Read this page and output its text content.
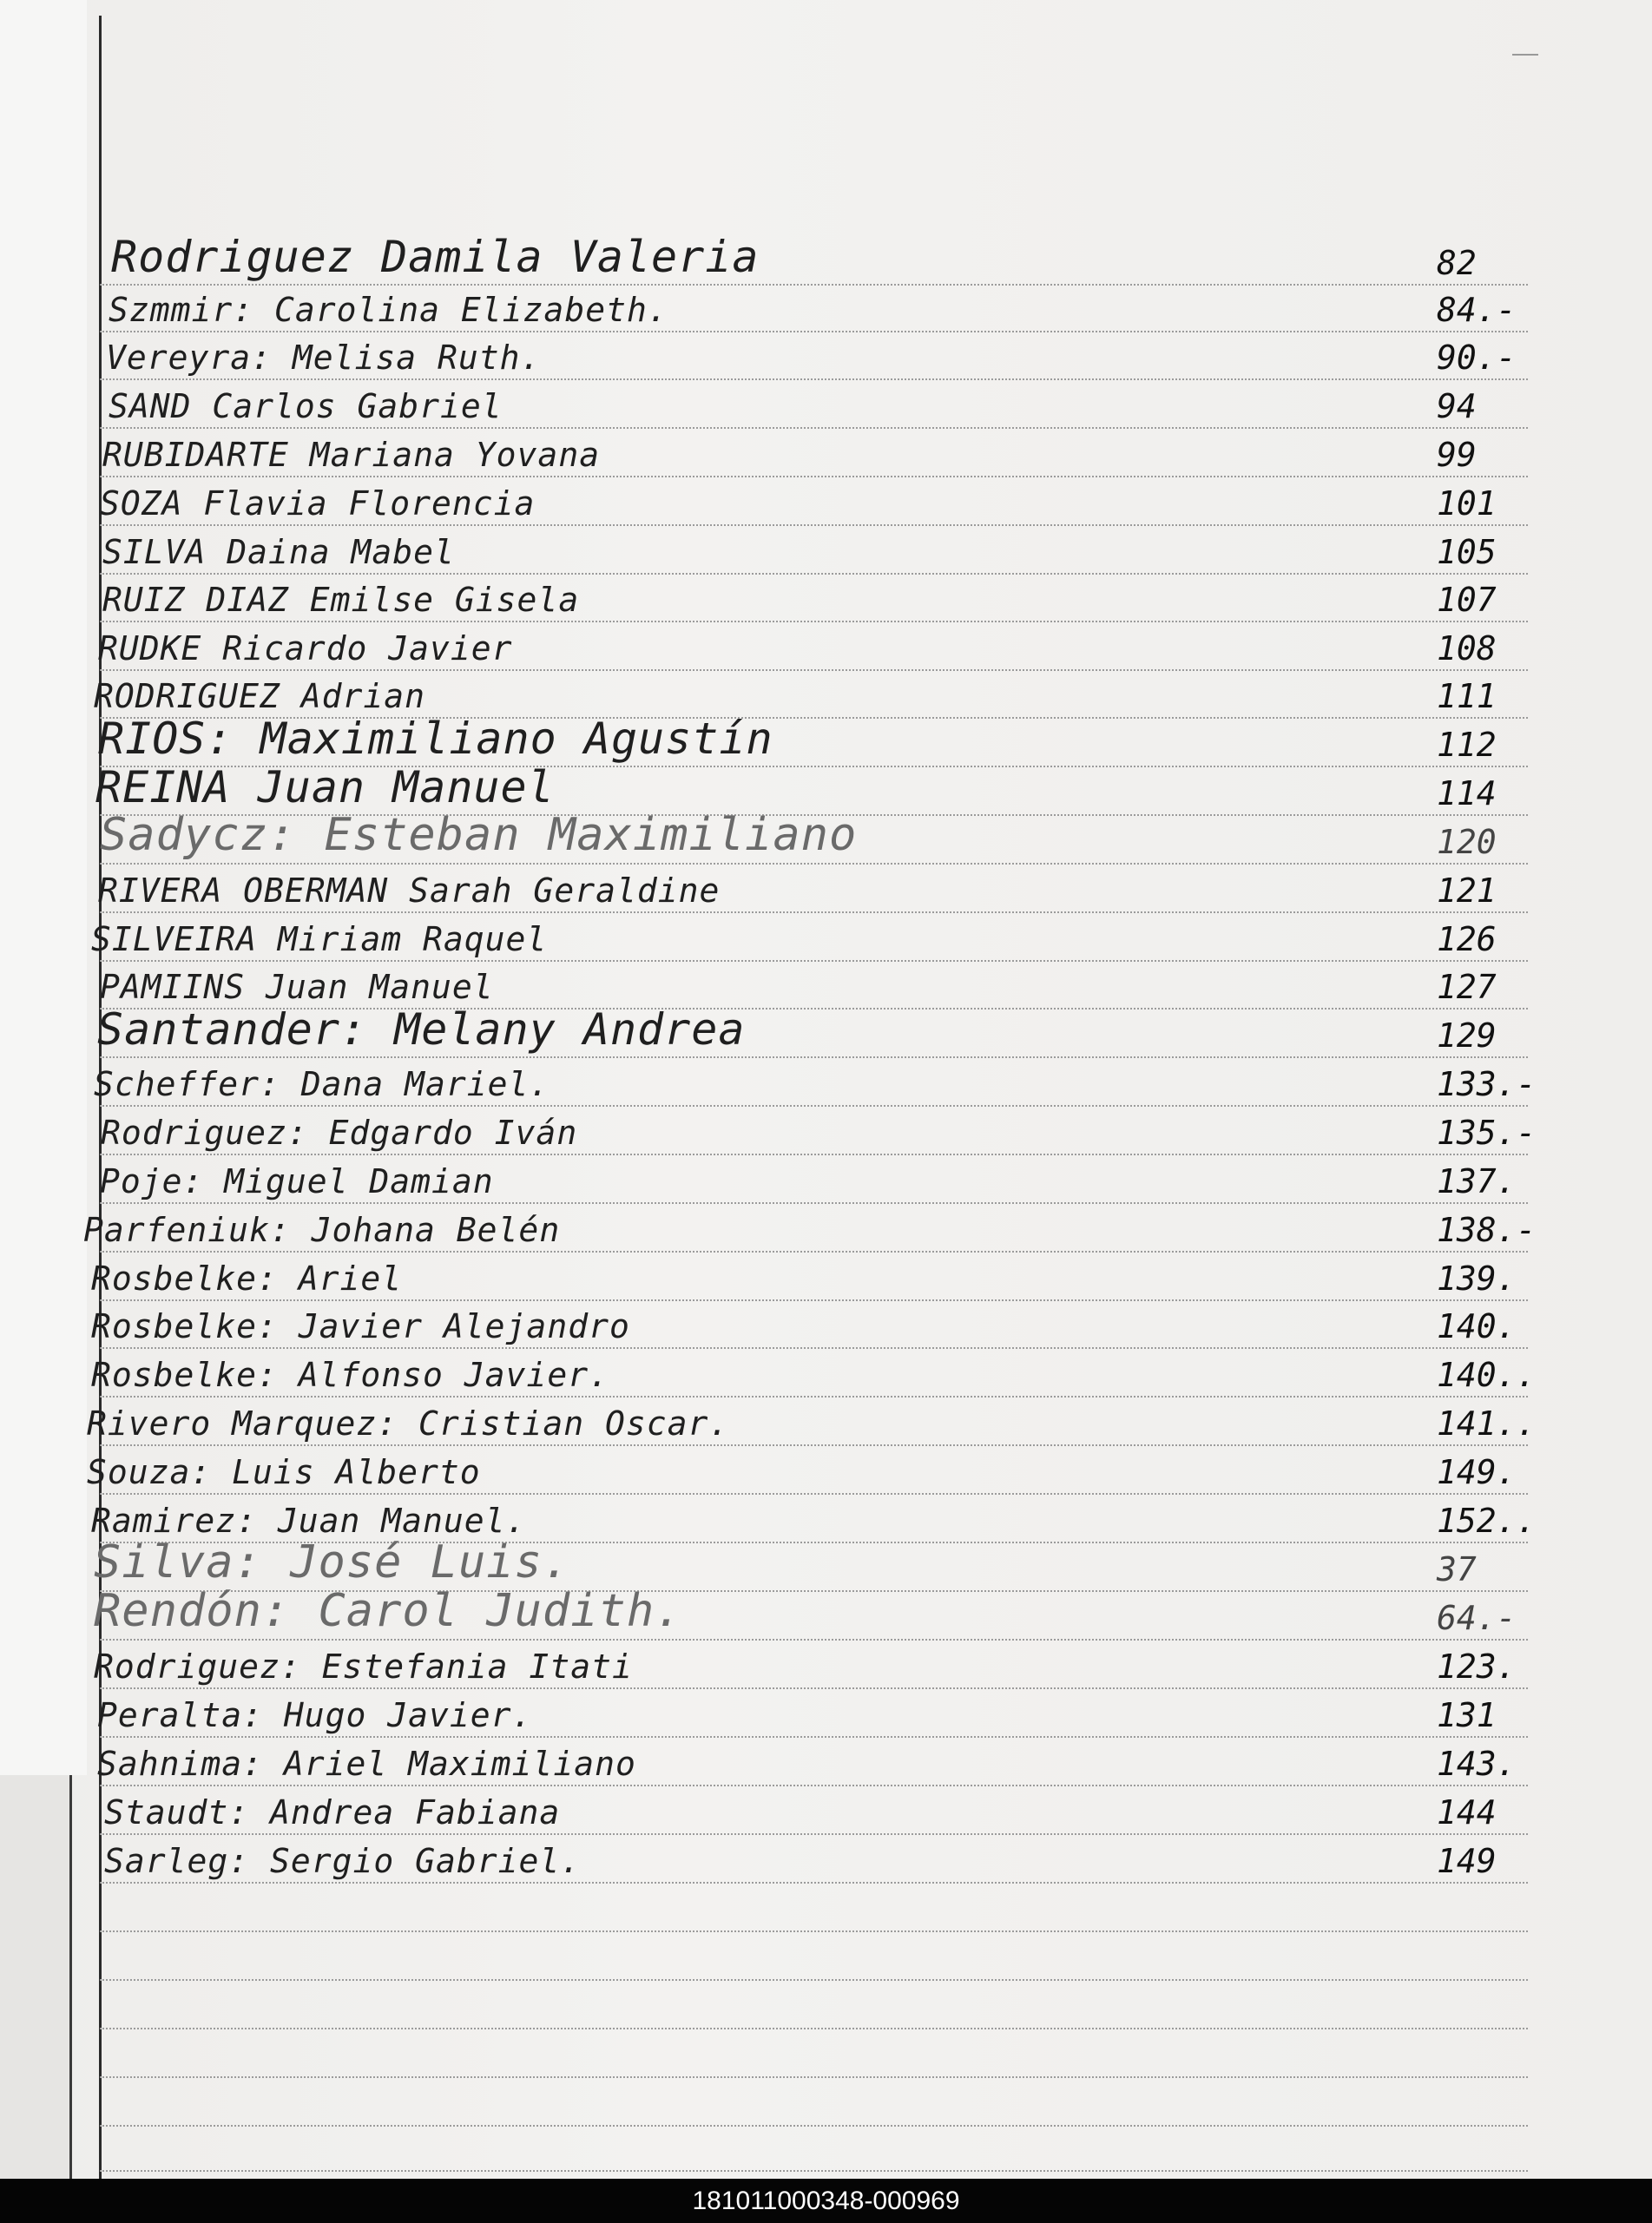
Rodriguez Damila Valeria	82
Szmmir: Carolina Elizabeth.	84.-
Vereyra: Melisa Ruth.	90.-
SAND Carlos Gabriel	94
RUBIDARTE Mariana Yovana	99
SOZA Flavia Florencia	101
SILVA Daina Mabel	105
RUIZ DIAZ Emilse Gisela	107
RUDKE Ricardo Javier	108
RODRIGUEZ Adrian	111
RIOS: Maximiliano Agustín	112
REINA Juan Manuel	114
Sadycz: Esteban Maximiliano	120
RIVERA OBERMAN Sarah Geraldine	121
SILVEIRA Miriam Raquel	126
PAMIINS Juan Manuel	127
Santander: Melany Andrea	129
Scheffer: Dana Mariel.	133.-
Rodriguez: Edgardo Iván	135.-
Poje: Miguel Damian	137.
Parfeniuk: Johana Belén	138.-
Rosbelke: Ariel	139.
Rosbelke: Javier Alejandro	140.
Rosbelke: Alfonso Javier.	140..
Rivero Marquez: Cristian Oscar.	141..
Souza: Luis Alberto	149.
Ramirez: Juan Manuel.	152..
Silva: José Luis.	37
Rendón: Carol Judith.	64.-
Rodriguez: Estefania Itati	123.
Peralta: Hugo Javier.	131
Sahnima: Ariel Maximiliano	143.
Staudt: Andrea Fabiana	144
Sarleg: Sergio Gabriel.	149
181011000348-000969
